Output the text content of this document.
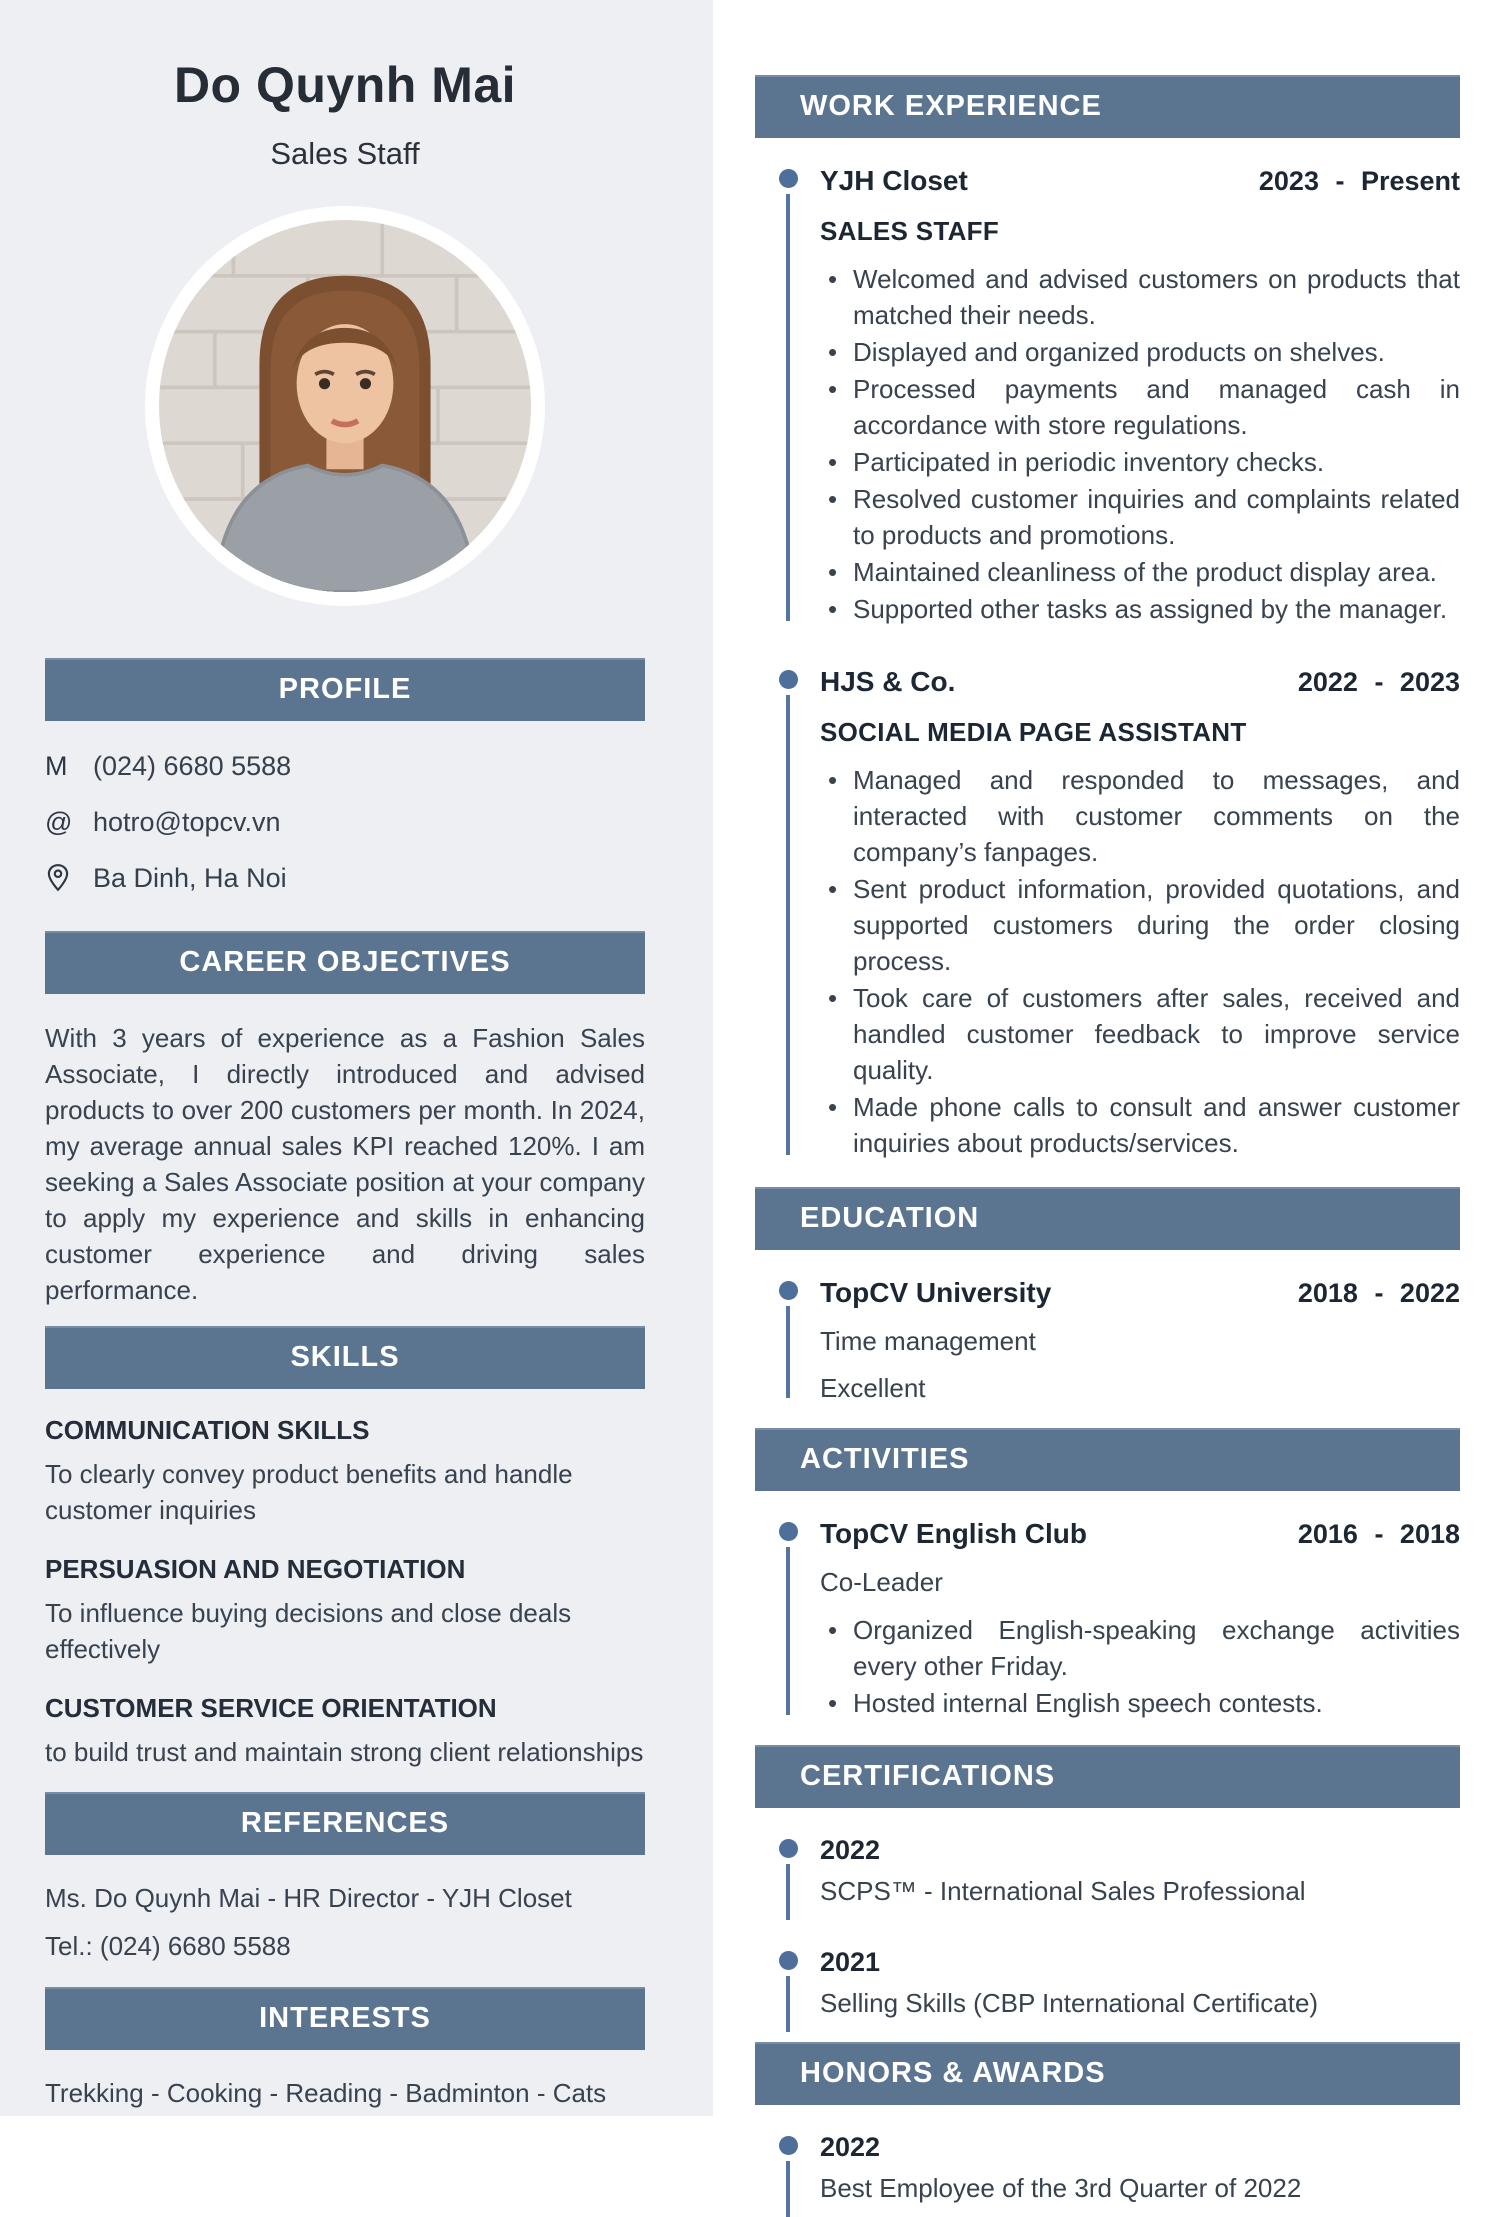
Do Quynh Mai
Sales Staff
PROFILE
M (024) 6680 5588
@ hotro@topcv.vn
Ba Dinh, Ha Noi
CAREER OBJECTIVES
With 3 years of experience as a Fashion Sales Associate, I directly introduced and advised products to over 200 customers per month. In 2024, my average annual sales KPI reached 120%. I am seeking a Sales Associate position at your company to apply my experience and skills in enhancing customer experience and driving sales performance.
SKILLS
COMMUNICATION SKILLS
To clearly convey product benefits and handle customer inquiries
PERSUASION AND NEGOTIATION
To influence buying decisions and close deals effectively
CUSTOMER SERVICE ORIENTATION
to build trust and maintain strong client relationships
REFERENCES
Ms. Do Quynh Mai - HR Director - YJH Closet
Tel.: (024) 6680 5588
INTERESTS
Trekking - Cooking - Reading - Badminton - Cats
WORK EXPERIENCE
YJH Closet	2023 - Present
SALES STAFF
• Welcomed and advised customers on products that matched their needs.
• Displayed and organized products on shelves.
• Processed payments and managed cash in accordance with store regulations.
• Participated in periodic inventory checks.
• Resolved customer inquiries and complaints related to products and promotions.
• Maintained cleanliness of the product display area.
• Supported other tasks as assigned by the manager.
HJS & Co.	2022 - 2023
SOCIAL MEDIA PAGE ASSISTANT
• Managed and responded to messages, and interacted with customer comments on the company’s fanpages.
• Sent product information, provided quotations, and supported customers during the order closing process.
• Took care of customers after sales, received and handled customer feedback to improve service quality.
• Made phone calls to consult and answer customer inquiries about products/services.
EDUCATION
TopCV University	2018 - 2022
Time management
Excellent
ACTIVITIES
TopCV English Club	2016 - 2018
Co-Leader
• Organized English-speaking exchange activities every other Friday.
• Hosted internal English speech contests.
CERTIFICATIONS
2022
SCPS™ - International Sales Professional
2021
Selling Skills (CBP International Certificate)
HONORS & AWARDS
2022
Best Employee of the 3rd Quarter of 2022
